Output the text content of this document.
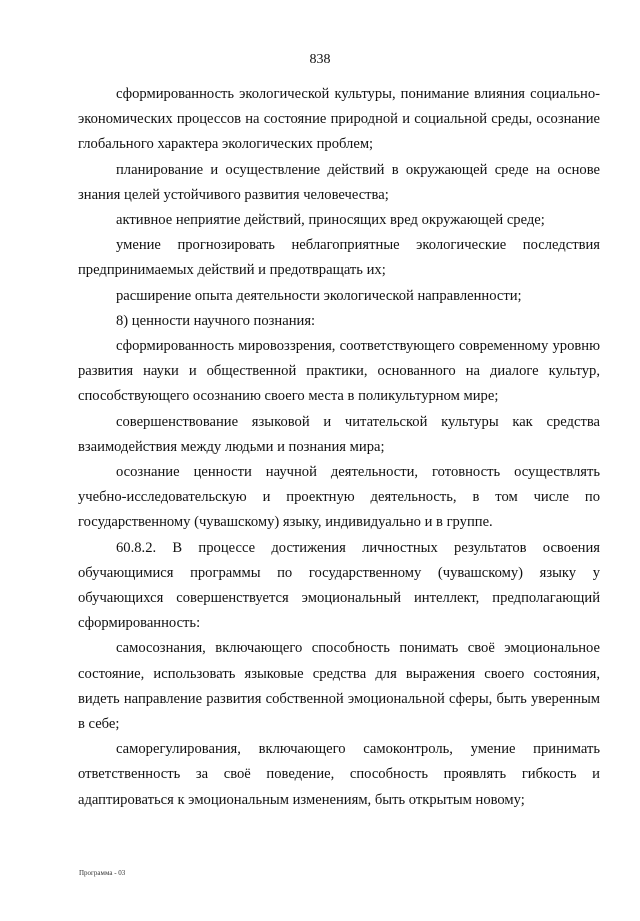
838

сформированность экологической культуры, понимание влияния социально-экономических процессов на состояние природной и социальной среды, осознание глобального характера экологических проблем;

планирование и осуществление действий в окружающей среде на основе знания целей устойчивого развития человечества;

активное неприятие действий, приносящих вред окружающей среде;

умение прогнозировать неблагоприятные экологические последствия предпринимаемых действий и предотвращать их;

расширение опыта деятельности экологической направленности;

8) ценности научного познания:

сформированность мировоззрения, соответствующего современному уровню развития науки и общественной практики, основанного на диалоге культур, способствующего осознанию своего места в поликультурном мире;

совершенствование языковой и читательской культуры как средства взаимодействия между людьми и познания мира;

осознание ценности научной деятельности, готовность осуществлять учебно-исследовательскую и проектную деятельность, в том числе по государственному (чувашскому) языку, индивидуально и в группе.

60.8.2. В процессе достижения личностных результатов освоения обучающимися программы по государственному (чувашскому) языку у обучающихся совершенствуется эмоциональный интеллект, предполагающий сформированность:

самосознания, включающего способность понимать своё эмоциональное состояние, использовать языковые средства для выражения своего состояния, видеть направление развития собственной эмоциональной сферы, быть уверенным в себе;

саморегулирования, включающего самоконтроль, умение принимать ответственность за своё поведение, способность проявлять гибкость и адаптироваться к эмоциональным изменениям, быть открытым новому;

Программа - 03
